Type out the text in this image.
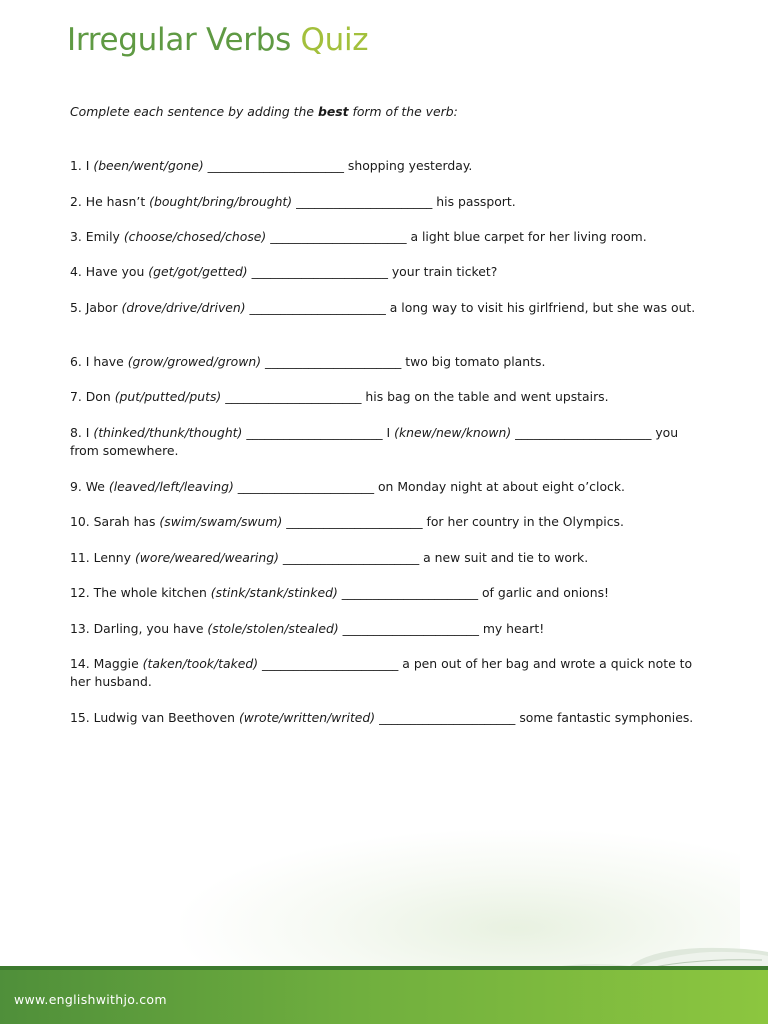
Irregular Verbs Quiz
Complete each sentence by adding the best form of the verb:
1. I (been/went/gone) ______________________ shopping yesterday.
2. He hasn’t (bought/bring/brought) ______________________ his passport.
3. Emily (choose/chosed/chose) ______________________ a light blue carpet for her living room.
4. Have you (get/got/getted) ______________________ your train ticket?
5. Jabor (drove/drive/driven) ______________________ a long way to visit his girlfriend, but she was out.
6. I have (grow/growed/grown) ______________________ two big tomato plants.
7. Don (put/putted/puts) ______________________ his bag on the table and went upstairs.
8. I (thinked/thunk/thought) ______________________ I (knew/new/known) ______________________ you from somewhere.
9. We (leaved/left/leaving) ______________________ on Monday night at about eight o’clock.
10. Sarah has (swim/swam/swum) ______________________ for her country in the Olympics.
11. Lenny (wore/weared/wearing) ______________________ a new suit and tie to work.
12. The whole kitchen (stink/stank/stinked) ______________________ of garlic and onions!
13. Darling, you have (stole/stolen/stealed) ______________________ my heart!
14. Maggie (taken/took/taked) ______________________ a pen out of her bag and wrote a quick note to her husband.
15. Ludwig van Beethoven (wrote/written/writed) ______________________ some fantastic symphonies.
www.englishwithjo.com
